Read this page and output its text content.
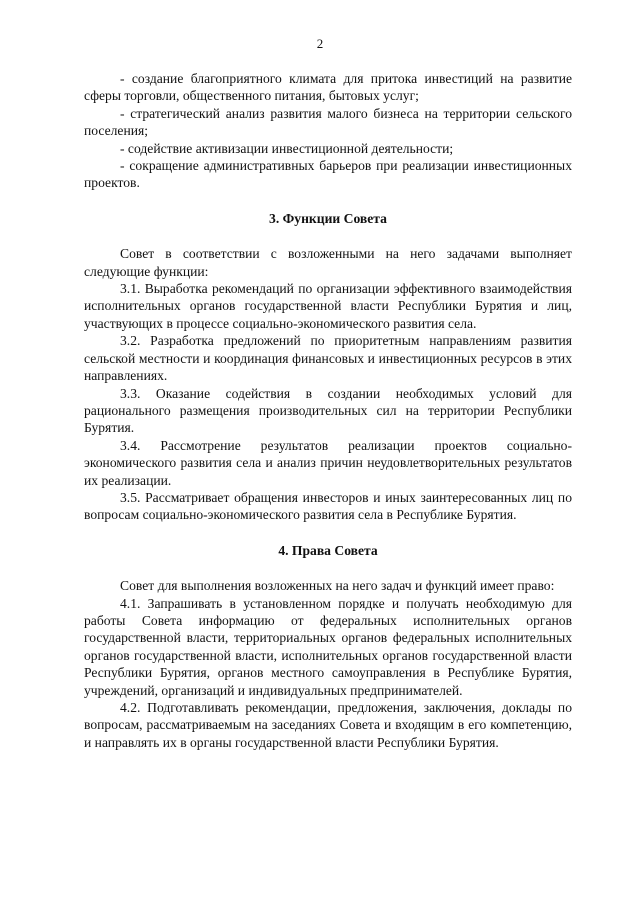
2

- создание благоприятного климата для притока инвестиций на развитие сферы торговли, общественного питания, бытовых услуг;

- стратегический анализ развития малого бизнеса на территории сельского поселения;

- содействие активизации инвестиционной деятельности;

- сокращение административных барьеров при реализации инвестиционных проектов.

3. Функции Совета

Совет в соответствии с возложенными на него задачами выполняет следующие функции:

3.1. Выработка рекомендаций по организации эффективного взаимодействия исполнительных органов государственной власти Республики Бурятия и лиц, участвующих в процессе социально-экономического развития села.

3.2. Разработка предложений по приоритетным направлениям развития сельской местности и координация финансовых и инвестиционных ресурсов в этих направлениях.

3.3. Оказание содействия в создании необходимых условий для рационального размещения производительных сил на территории Республики Бурятия.

3.4. Рассмотрение результатов реализации проектов социально-экономического развития села и анализ причин неудовлетворительных результатов их реализации.

3.5. Рассматривает обращения инвесторов и иных заинтересованных лиц по вопросам социально-экономического развития села в Республике Бурятия.

4. Права Совета

Совет для выполнения возложенных на него задач и функций имеет право:

4.1. Запрашивать в установленном порядке и получать необходимую для работы Совета информацию от федеральных исполнительных органов государственной власти, территориальных органов федеральных исполнительных органов государственной власти, исполнительных органов государственной власти Республики Бурятия, органов местного самоуправления в Республике Бурятия, учреждений, организаций и индивидуальных предпринимателей.

4.2. Подготавливать рекомендации, предложения, заключения, доклады по вопросам, рассматриваемым на заседаниях Совета и входящим в его компетенцию, и направлять их в органы государственной власти Республики Бурятия.
